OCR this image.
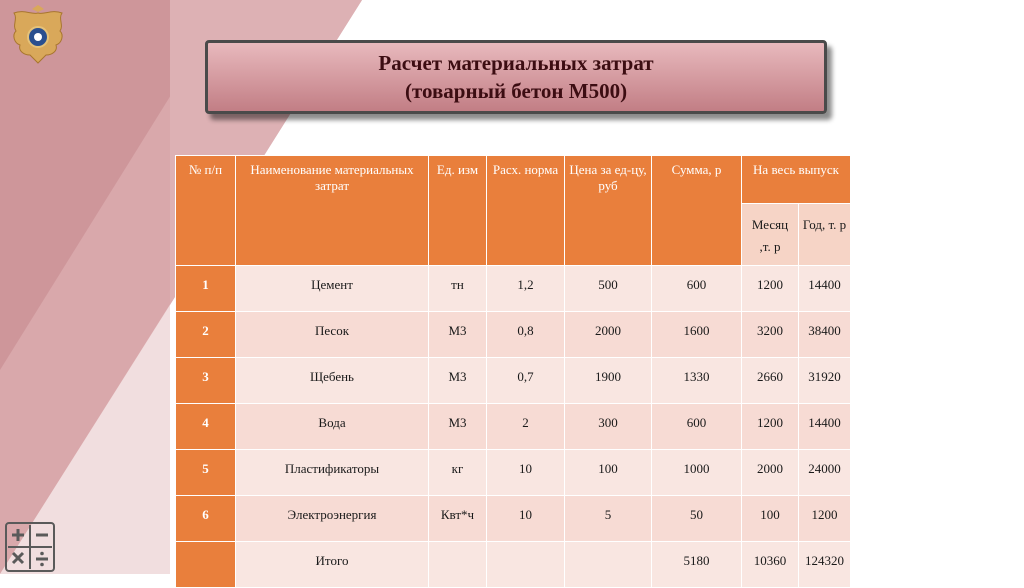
Расчет материальных затрат
(товарный бетон М500)
№ п/п	Наименование материальных затрат	Ед. изм	Расх. норма	Цена за ед-цу, руб	Сумма, р	На весь выпуск	
						Месяц ,т. р	Год, т. р
1	Цемент	тн	1,2	500	600	1200	14400
2	Песок	М3	0,8	2000	1600	3200	38400
3	Щебень	М3	0,7	1900	1330	2660	31920
4	Вода	М3	2	300	600	1200	14400
5	Пластификаторы	кг	10	100	1000	2000	24000
6	Электроэнергия	Квт*ч	10	5	50	100	1200
	Итого				5180	10360	124320
